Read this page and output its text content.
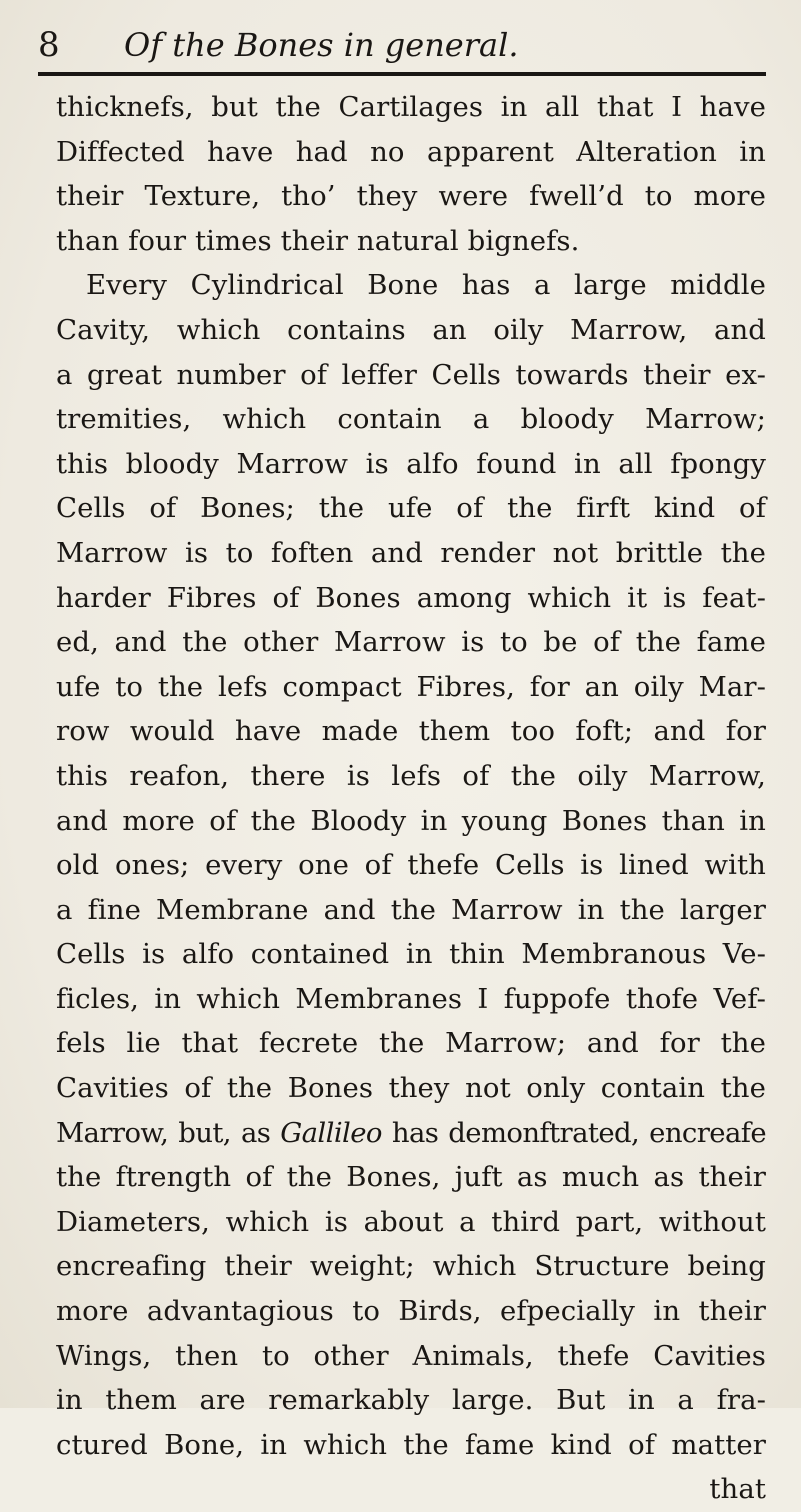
8 Of the Bones in general.
thicknefs, but the Cartilages in all that I have
Diffected have had no apparent Alteration in
their Texture, tho’ they were fwell’d to more
than four times their natural bignefs.
Every Cylindrical Bone has a large middle
Cavity, which contains an oily Marrow, and
a great number of leffer Cells towards their ex-
tremities, which contain a bloody Marrow;
this bloody Marrow is alfo found in all fpongy
Cells of Bones; the ufe of the firft kind of
Marrow is to foften and render not brittle the
harder Fibres of Bones among which it is feat-
ed, and the other Marrow is to be of the fame
ufe to the lefs compact Fibres, for an oily Mar-
row would have made them too foft; and for
this reafon, there is lefs of the oily Marrow,
and more of the Bloody in young Bones than in
old ones; every one of thefe Cells is lined with
a fine Membrane and the Marrow in the larger
Cells is alfo contained in thin Membranous Ve-
ficles, in which Membranes I fuppofe thofe Vef-
fels lie that fecrete the Marrow; and for the
Cavities of the Bones they not only contain the
Marrow, but, as Gallileo has demonftrated, encreafe
the ftrength of the Bones, juft as much as their
Diameters, which is about a third part, without
encreafing their weight; which Structure being
more advantagious to Birds, efpecially in their
Wings, then to other Animals, thefe Cavities
in them are remarkably large. But in a fra-
ctured Bone, in which the fame kind of matter
that
